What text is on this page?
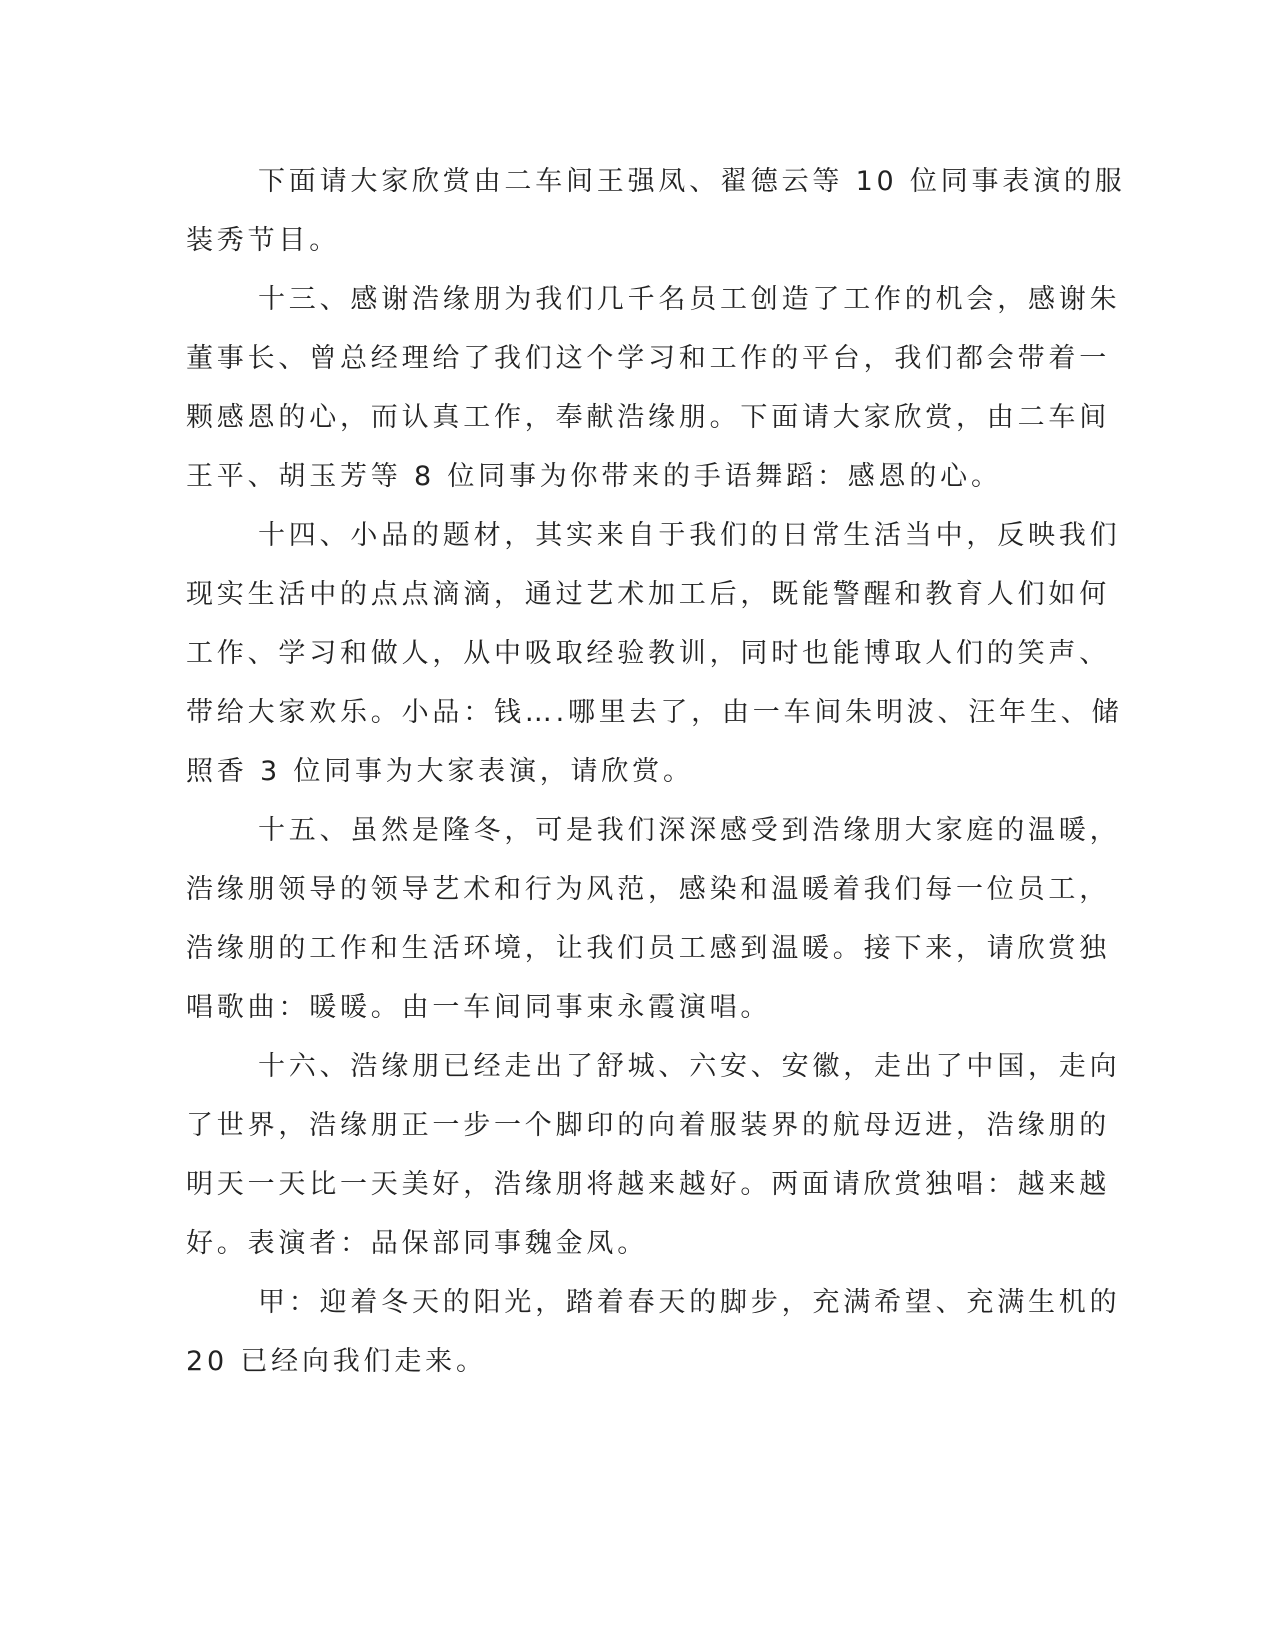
下面请大家欣赏由二车间王强凤、翟德云等 10 位同事表演的服

装秀节目。

十三、感谢浩缘朋为我们几千名员工创造了工作的机会，感谢朱

董事长、曾总经理给了我们这个学习和工作的平台，我们都会带着一

颗感恩的心，而认真工作，奉献浩缘朋。下面请大家欣赏，由二车间

王平、胡玉芳等 8 位同事为你带来的手语舞蹈：感恩的心。

十四、小品的题材，其实来自于我们的日常生活当中，反映我们

现实生活中的点点滴滴，通过艺术加工后，既能警醒和教育人们如何

工作、学习和做人，从中吸取经验教训，同时也能博取人们的笑声、

带给大家欢乐。小品：钱….哪里去了，由一车间朱明波、汪年生、储

照香 3 位同事为大家表演，请欣赏。

十五、虽然是隆冬，可是我们深深感受到浩缘朋大家庭的温暖，

浩缘朋领导的领导艺术和行为风范，感染和温暖着我们每一位员工，

浩缘朋的工作和生活环境，让我们员工感到温暖。接下来，请欣赏独

唱歌曲：暖暖。由一车间同事束永霞演唱。

十六、浩缘朋已经走出了舒城、六安、安徽，走出了中国，走向

了世界，浩缘朋正一步一个脚印的向着服装界的航母迈进，浩缘朋的

明天一天比一天美好，浩缘朋将越来越好。两面请欣赏独唱：越来越

好。表演者：品保部同事魏金凤。

甲：迎着冬天的阳光，踏着春天的脚步，充满希望、充满生机的

20 已经向我们走来。
